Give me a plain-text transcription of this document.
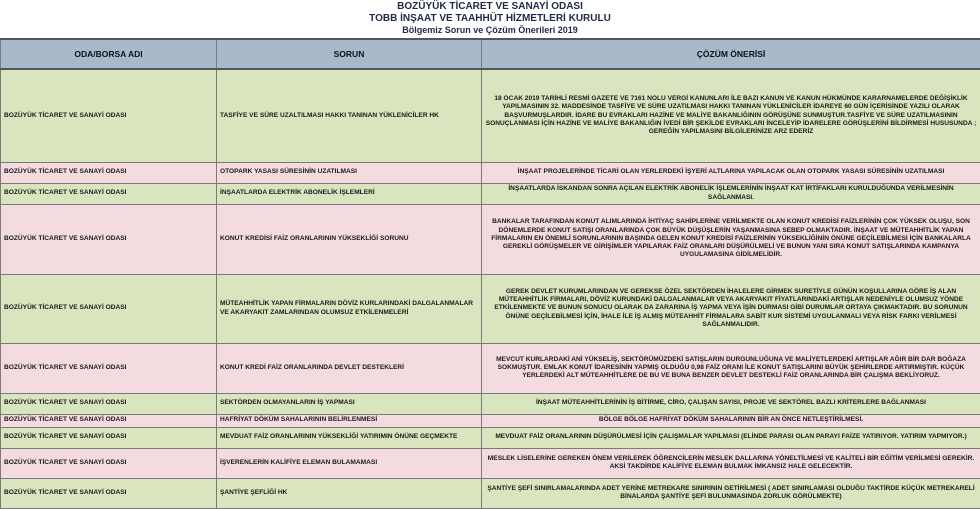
BOZÜYÜK TİCARET VE SANAYİ ODASI
TOBB İNŞAAT VE TAAHHÜT HİZMETLERİ KURULU
Bölgemiz Sorun ve Çözüm Önerileri 2019
ODA/BORSA ADI	SORUN	ÇÖZÜM ÖNERİSİ
BOZÜYÜK TİCARET VE SANAYİ ODASI	TASFİYE VE SÜRE UZALTILMASI HAKKI TANINAN YÜKLENİCİLER HK	18 OCAK 2019 TARİHLİ RESMİ GAZETE VE 7161 NOLU VERGİ KANUNLARI İLE BAZI KANUN VE KANUN HÜKMÜNDE KARARNAMELERDE DEĞİŞİKLİK YAPILMASININ 32. MADDESİNDE TASFİYE VE SÜRE UZATILMASI HAKKI TANINAN YÜKLENİCİLER İDAREYE 60 GÜN İÇERİSİNDE YAZILI OLARAK BAŞVURMUŞLARDIR. İDARE BU EVRAKLARI HAZİNE VE MALİYE BAKANLIĞININ GÖRÜŞÜNE SUNMUŞTUR.TASFİYE VE SÜRE UZATILMASININ SONUÇLANMASI İÇİN HAZİNE VE MALİYE BAKANLIĞIN İVEDİ BİR ŞEKİLDE EVRAKLARI İNCELEYİP İDARELERE GÖRÜŞLERİNİ BİLDİRMESİ HUSUSUNDA ; GEREĞİN YAPILMASINI BİLGİLERİNİZE ARZ EDERİZ
BOZÜYÜK TİCARET VE SANAYİ ODASI	OTOPARK YASASI SÜRESİNİN UZATILMASI	İNŞAAT PROJELERİNDE TİCARİ OLAN YERLERDEKİ İŞYERİ ALTLARINA YAPILACAK OLAN OTOPARK YASASI SÜRESİNİN UZATILMASI
BOZÜYÜK TİCARET VE SANAYİ ODASI	İNŞAATLARDA ELEKTRİK ABONELİK İŞLEMLERİ	İNŞAATLARDA İSKANDAN SONRA AÇILAN ELEKTRİK ABONELİK İŞLEMLERİNİN İNŞAAT KAT İRTİFAKLARI KURULDUĞUNDA VERİLMESİNİN SAĞLANMASI.
BOZÜYÜK TİCARET VE SANAYİ ODASI	KONUT KREDİSİ FAİZ ORANLARININ YÜKSEKLİĞİ SORUNU	BANKALAR TARAFINDAN KONUT ALIMLARINDA İHTİYAÇ SAHİPLERİNE VERİLMEKTE OLAN KONUT KREDİSİ FAİZLERİNİN ÇOK YÜKSEK OLUŞU, SON DÖNEMLERDE KONUT SATIŞI ORANLARINDA ÇOK BÜYÜK DÜŞÜŞLERİN YAŞANMASINA SEBEP OLMAKTADIR. İNŞAAT VE MÜTEAHHİTLİK YAPAN FİRMALARIN EN ÖNEMLİ SORUNLARININ BAŞINDA GELEN KONUT KREDİSİ FAİZLERİNİN YÜKSEKLİĞİNİN ÖNÜNE GEÇİLEBİLMESİ İÇİN BANKALARLA GEREKLİ GÖRÜŞMELER VE GİRİŞİMLER YAPILARAK FAİZ ORANLARI DÜŞÜRÜLMELİ VE BUNUN YANI SIRA KONUT SATIŞLARINDA KAMPANYA UYGULAMASINA GİDİLMELİDİR.
BOZÜYÜK TİCARET VE SANAYİ ODASI	MÜTEAHHİTLİK YAPAN FİRMALARIN DÖVİZ KURLARINDAKİ DALGALANMALAR VE AKARYAKIT ZAMLARINDAN OLUMSUZ ETKİLENMELERİ	GEREK DEVLET KURUMLARINDAN VE GEREKSE ÖZEL SEKTÖRDEN İHALELERE GİRMEK SURETİYLE GÜNÜN KOŞULLARINA GÖRE İŞ ALAN MÜTEAHHİTLİK FİRMALARI, DÖVİZ KURUNDAKİ DALGALANMALAR VEYA AKARYAKIT FİYATLARINDAKİ ARTIŞLAR NEDENİYLE OLUMSUZ YÖNDE ETKİLENMEKTE VE BUNUN SONUCU OLARAK DA ZARARINA İŞ YAPMA VEYA İŞİN DURMASI GİBİ DURUMLAR ORTAYA ÇIKMAKTADIR. BU SORUNUN ÖNÜNE GEÇİLEBİLMESİ İÇİN, İHALE İLE İŞ ALMIŞ MÜTEAHHİT FİRMALARA SABİT KUR SİSTEMİ UYGULANMALI VEYA RİSK FARKI VERİLMESİ SAĞLANMALIDIR.
BOZÜYÜK TİCARET VE SANAYİ ODASI	KONUT KREDİ FAİZ ORANLARINDA DEVLET DESTEKLERİ	MEVCUT KURLARDAKİ ANİ YÜKSELİŞ, SEKTÖRÜMÜZDEKİ SATIŞLARIN DURGUNLUĞUNA VE MALİYETLERDEKİ ARTIŞLAR AĞIR BİR DAR BOĞAZA SOKMUŞTUR. EMLAK KONUT İDARESİNİN YAPMIŞ OLDUĞU 0,98 FAİZ ORANI İLE KONUT SATIŞLARINI BÜYÜK ŞEHİRLERDE ARTIRMIŞTIR. KÜÇÜK YERLERDEKİ ALT MÜTEAHHİTLERE DE BU VE BUNA BENZER DEVLET DESTEKLİ FAİZ ORANLARINDA BİR ÇALIŞMA BEKLİYORUZ.
BOZÜYÜK TİCARET VE SANAYİ ODASI	SEKTÖRDEN OLMAYANLARIN İŞ YAPMASI	İNŞAAT MÜTEAHHİTLERİNİN İŞ BİTİRME, CİRO, ÇALIŞAN SAYISI, PROJE VE SEKTÖREL BAZLI KRİTERLERE BAĞLANMASI
BOZÜYÜK TİCARET VE SANAYİ ODASI	HAFRİYAT DÖKÜM SAHALARININ BELİRLENMESİ	BÖLGE BÖLGE HAFRİYAT DÖKÜM SAHALARININ BİR AN ÖNCE NETLEŞTİRİLMESİ.
BOZÜYÜK TİCARET VE SANAYİ ODASI	MEVDUAT FAİZ ORANLARININ YÜKSEKLİĞİ YATIRIMIN ÖNÜNE GEÇMEKTE	MEVDUAT FAİZ ORANLARININ DÜŞÜRÜLMESİ İÇİN ÇALIŞMALAR YAPILMASI (ELİNDE PARASI OLAN PARAYI FAİZE YATIRIYOR. YATIRIM YAPMIYOR.)
BOZÜYÜK TİCARET VE SANAYİ ODASI	İŞVERENLERİN KALİFİYE ELEMAN BULAMAMASI	MESLEK LİSELERİNE GEREKEN ÖNEM VERİLEREK ÖĞRENCİLERİN MESLEK DALLARINA YÖNELTİLMESİ VE KALİTELİ BİR EĞİTİM VERİLMESİ GEREKİR. AKSİ TAKDİRDE KALİFİYE ELEMAN BULMAK İMKANSIZ HALE GELECEKTİR.
BOZÜYÜK TİCARET VE SANAYİ ODASI	ŞANTİYE ŞEFLİĞİ HK	ŞANTİYE ŞEFİ SINIRLAMALARINDA ADET YERİNE METREKARE SINIRININ GETİRİLMESİ ( ADET SINIRLAMASI OLDUĞU TAKTİRDE KÜÇÜK METREKARELİ BİNALARDA ŞANTİYE ŞEFİ BULUNMASINDA ZORLUK GÖRÜLMEKTE)
